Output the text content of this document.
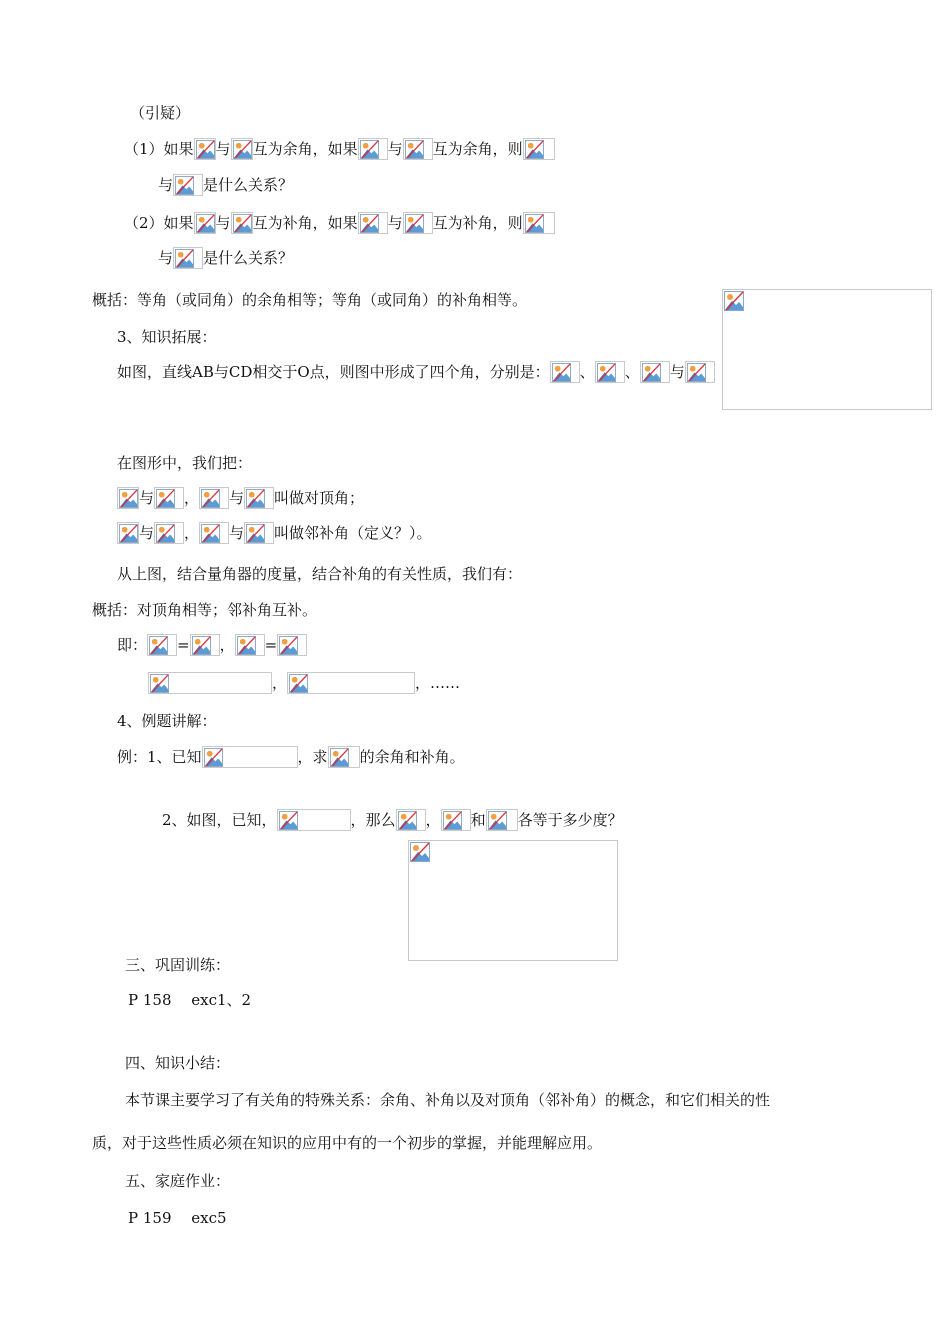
（引疑）
（1）如果 与 互为余角，如果 与 互为余角，则
与 是什么关系？
（2）如果 与 互为补角，如果 与 互为补角，则
与 是什么关系？
概括：等角（或同角）的余角相等；等角（或同角）的补角相等。
3、知识拓展：
如图，直线AB与CD相交于O点，则图中形成了四个角，分别是： 、 、 与
在图形中，我们把：
与 ， 与 叫做对顶角；
与 ， 与 叫做邻补角（定义？）。
从上图，结合量角器的度量，结合补角的有关性质，我们有：
概括：对顶角相等；邻补角互补。
即： = ， =
，	，……
4、例题讲解：
例：1、已知	，求 的余角和补角。
2、如图，已知，	，那么 ， 和 各等于多少度？
三、巩固训练：
P 158　 exc1、2
四、知识小结：
本节课主要学习了有关角的特殊关系：余角、补角以及对顶角（邻补角）的概念，和它们相关的性
质，对于这些性质必须在知识的应用中有的一个初步的掌握，并能理解应用。
五、家庭作业：
P 159　 exc5
